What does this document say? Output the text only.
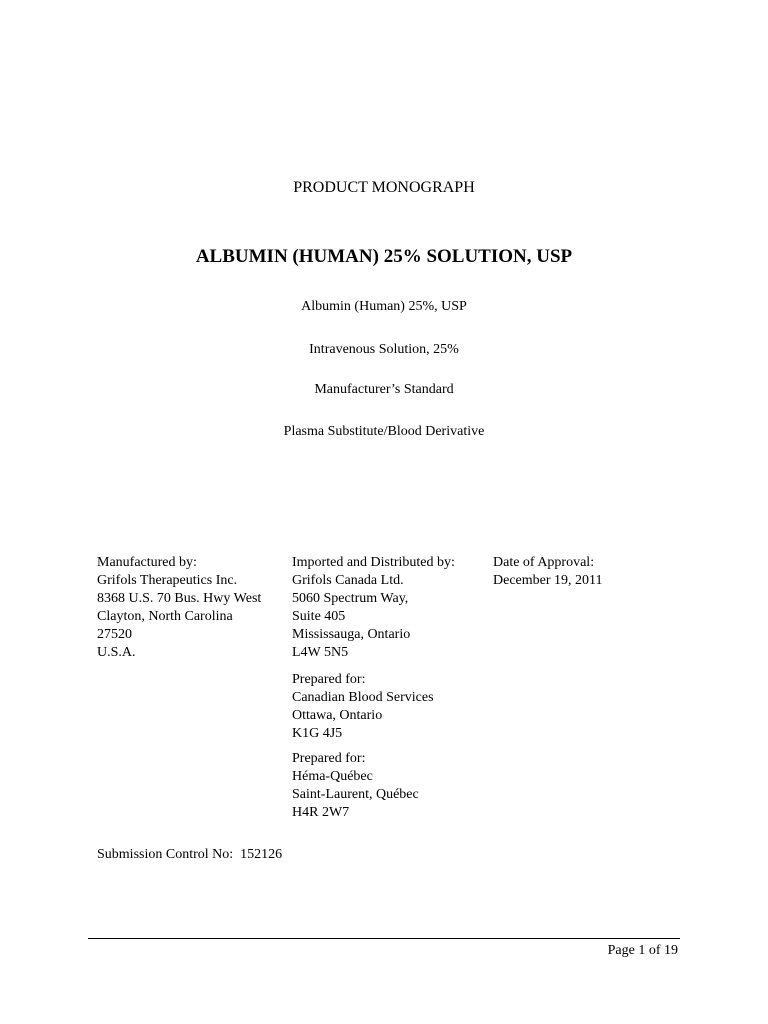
PRODUCT MONOGRAPH
ALBUMIN (HUMAN) 25% SOLUTION, USP
Albumin (Human) 25%, USP
Intravenous Solution, 25%
Manufacturer’s Standard
Plasma Substitute/Blood Derivative
Manufactured by:
Grifols Therapeutics Inc.
8368 U.S. 70 Bus. Hwy West
Clayton, North Carolina
27520
U.S.A.
Imported and Distributed by:
Grifols Canada Ltd.
5060 Spectrum Way,
Suite 405
Mississauga, Ontario
L4W 5N5
Date of Approval:
December 19, 2011
Prepared for:
Canadian Blood Services
Ottawa, Ontario
K1G 4J5
Prepared for:
Héma-Québec
Saint-Laurent, Québec
H4R 2W7
Submission Control No:  152126
Page 1 of 19
